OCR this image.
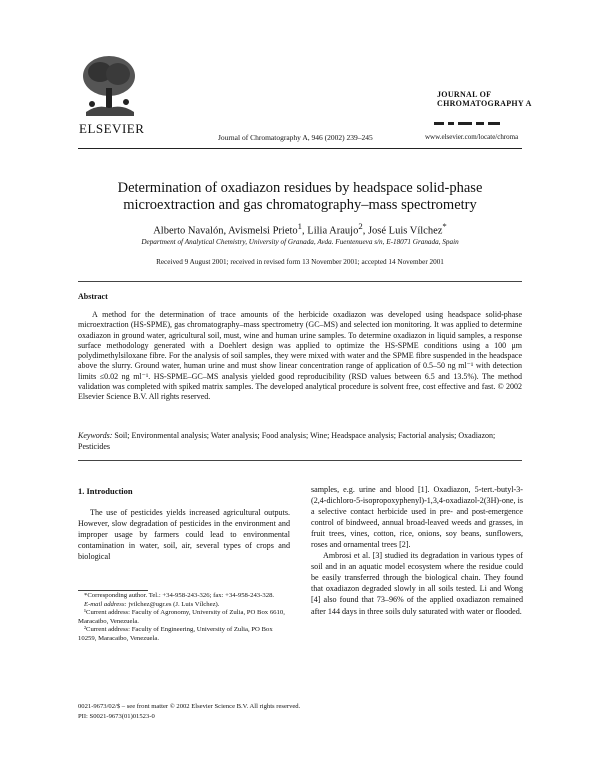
ELSEVIER
Journal of Chromatography A, 946 (2002) 239–245
JOURNAL OF
CHROMATOGRAPHY A
www.elsevier.com/locate/chroma
Determination of oxadiazon residues by headspace solid-phase
microextraction and gas chromatography–mass spectrometry
Alberto Navalón, Avismelsi Prieto$^1$, Lilia Araujo$^2$, José Luis Vílchez*
Department of Analytical Chemistry, University of Granada, Avda. Fuentenueva s/n, E-18071 Granada, Spain
Received 9 August 2001; received in revised form 13 November 2001; accepted 14 November 2001
Abstract
A method for the determination of trace amounts of the herbicide oxadiazon was developed using headspace solid-phase microextraction (HS-SPME), gas chromatography–mass spectrometry (GC–MS) and selected ion monitoring. It was applied to determine oxadiazon in ground water, agricultural soil, must, wine and human urine samples. To determine oxadiazon in liquid samples, a response surface methodology generated with a Doehlert design was applied to optimize the HS-SPME conditions using a 100 μm polydimethylsiloxane fibre. For the analysis of soil samples, they were mixed with water and the SPME fibre suspended in the headspace above the slurry. Ground water, human urine and must show linear concentration range of application of 0.5–50 ng ml⁻¹ with detection limits ≤0.02 ng ml⁻¹. HS-SPME–GC–MS analysis yielded good reproducibility (RSD values between 6.5 and 13.5%). The method validation was completed with spiked matrix samples. The developed analytical procedure is solvent free, cost effective and fast. © 2002 Elsevier Science B.V. All rights reserved.
Keywords: Soil; Environmental analysis; Water analysis; Food analysis; Wine; Headspace analysis; Factorial analysis; Oxadiazon; Pesticides
1. Introduction

The use of pesticides yields increased agricultural outputs. However, slow degradation of pesticides in the environment and improper usage by farmers could lead to environmental contamination in water, soil, air, several types of crops and biological

samples, e.g. urine and blood [1]. Oxadiazon, 5-tert.-butyl-3-(2,4-dichloro-5-isopropoxyphenyl)-1,3,4-oxadiazol-2(3H)-one, is a selective contact herbicide used in pre- and post-emergence control of bindweed, annual broad-leaved weeds and grasses, in fruit trees, vines, cotton, rice, onions, soy beans, sunflowers, roses and ornamental trees [2].

Ambrosi et al. [3] studied its degradation in various types of soil and in an aquatic model ecosystem where the residue could be easily transferred through the biological chain. They found that oxadiazon degraded slowly in all soils tested. Li and Wong [4] also found that 73–96% of the applied oxadiazon remained after 144 days in three soils duly saturated with water or flooded.

*Corresponding author. Tel.: +34-958-243-326; fax: +34-958-243-328.
E-mail address: jvilchez@ugr.es (J. Luis Vílchez).
¹Current address: Faculty of Agronomy, University of Zulia, PO Box 6610, Maracaibo, Venezuela.
²Current address: Faculty of Engineering, University of Zulia, PO Box 10259, Maracaibo, Venezuela.
0021-9673/02/$ – see front matter © 2002 Elsevier Science B.V. All rights reserved.
PII: S0021-9673(01)01523-0
